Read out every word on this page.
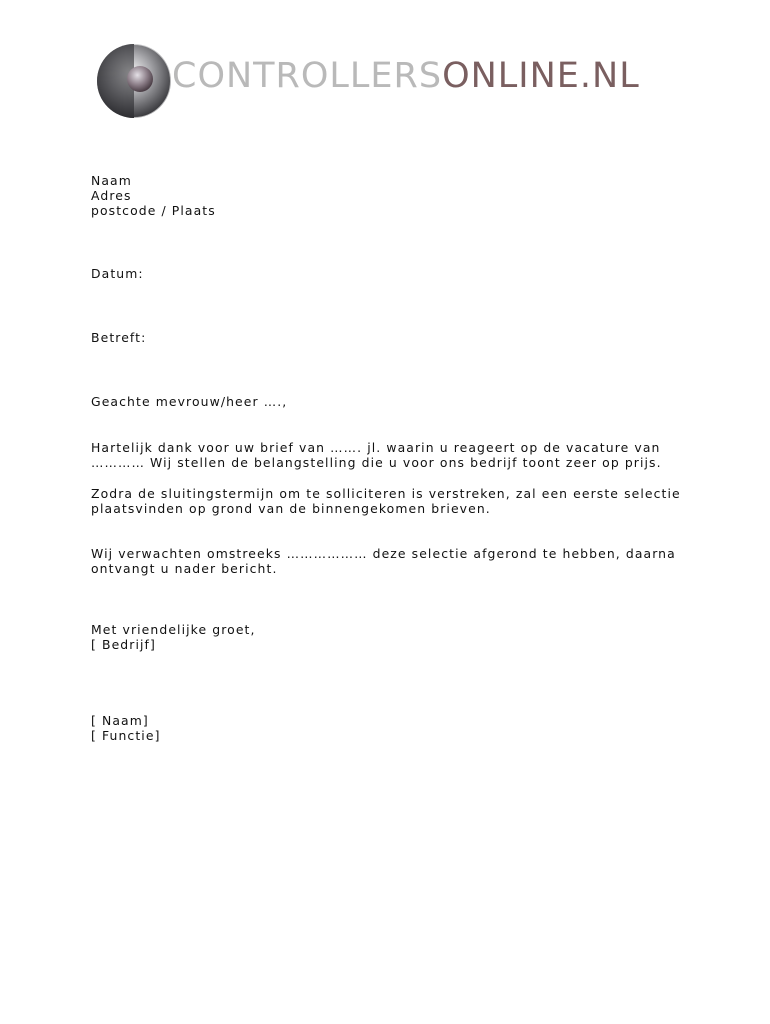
CONTROLLERSONLINE.NL
Naam
Adres
postcode / Plaats
Datum:
Betreft:
Geachte mevrouw/heer ….,
Hartelijk dank voor uw brief van ……. jl. waarin u reageert op de vacature van
………… Wij stellen de belangstelling die u voor ons bedrijf toont zeer op prijs.
Zodra de sluitingstermijn om te solliciteren is verstreken, zal een eerste selectie
plaatsvinden op grond van de binnengekomen brieven.
Wij verwachten omstreeks ……………… deze selectie afgerond te hebben, daarna
ontvangt u nader bericht.
Met vriendelijke groet,
[ Bedrijf]
[ Naam]
[ Functie]
